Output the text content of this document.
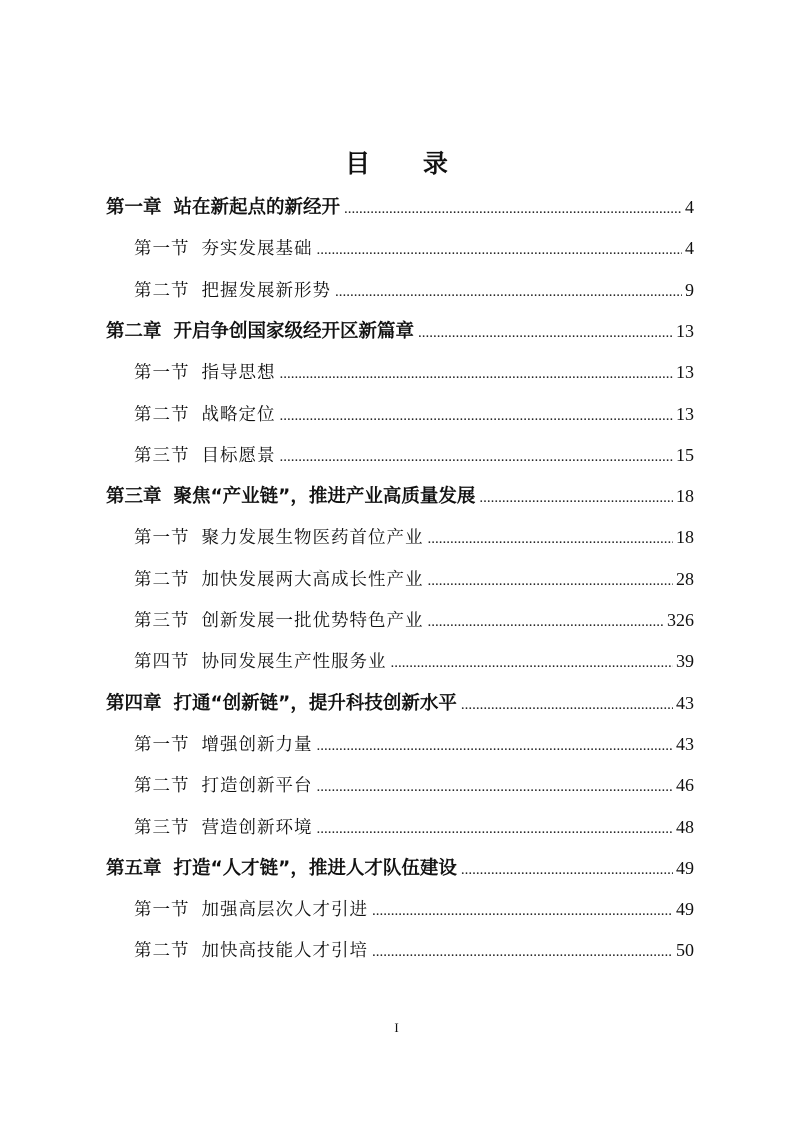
目 录
第一章 站在新起点的新经开 .....	4
第一节 夯实发展基础 .....	4
第二节 把握发展新形势 .....	9
第二章 开启争创国家级经开区新篇章 .....	13
第一节 指导思想 .....	13
第二节 战略定位 .....	13
第三节 目标愿景 .....	15
第三章 聚焦“产业链”，推进产业高质量发展 .....	18
第一节 聚力发展生物医药首位产业 .....	18
第二节 加快发展两大高成长性产业 .....	28
第三节 创新发展一批优势特色产业 .....	326
第四节 协同发展生产性服务业 .....	39
第四章 打通“创新链”，提升科技创新水平 .....	43
第一节 增强创新力量 .....	43
第二节 打造创新平台 .....	46
第三节 营造创新环境 .....	48
第五章 打造“人才链”，推进人才队伍建设 .....	49
第一节 加强高层次人才引进 .....	49
第二节 加快高技能人才引培 .....	50
I
